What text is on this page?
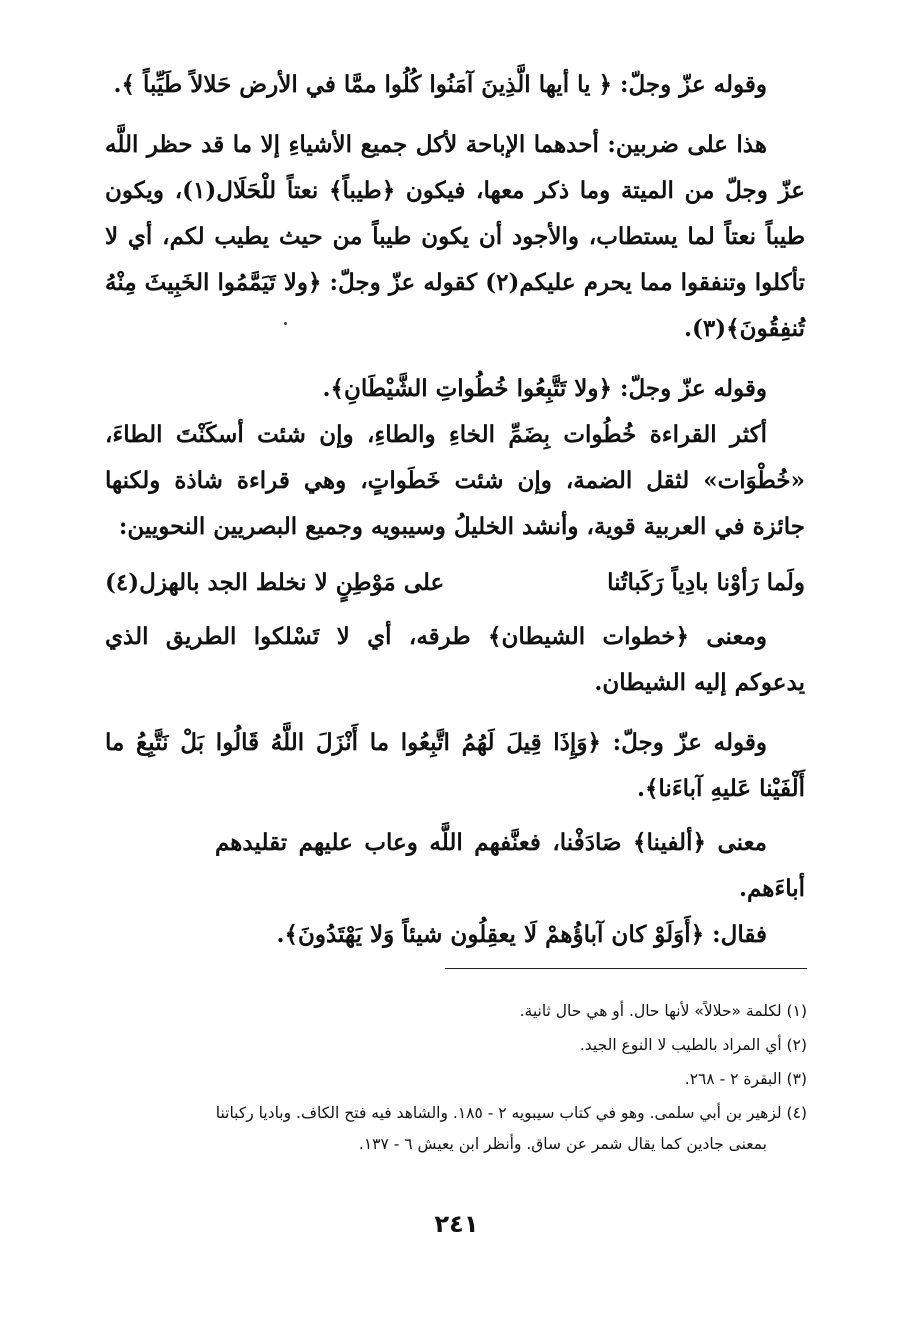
وقوله عزّ وجلّ: ﴿ يا أيها الَّذِينَ آمَنُوا كُلُوا ممَّا في الأرض حَلالاً طَيِّباً ﴾.

هذا على ضربين: أحدهما الإباحة لأكل جميع الأشياءِ إلا ما قد حظر اللَّه عزّ وجلّ من الميتة وما ذكر معها، فيكون ﴿طيباً﴾ نعتاً للْحَلَال(١)، ويكون طيباً نعتاً لما يستطاب، والأجود أن يكون طيباً من حيث يطيب لكم، أي لا تأكلوا وتنفقوا مما يحرم عليكم(٢) كقوله عزّ وجلّ: ﴿ولا تَيَمَّمُوا الخَبِيثَ مِنْهُ تُنفِقُونَ﴾(٣).

وقوله عزّ وجلّ: ﴿ولا تَتَّبِعُوا خُطُواتِ الشَّيْطَانِ﴾.

أكثر القراءة خُطُوات بِضَمِّ الخاءِ والطاءِ، وإن شئت أسكَنْتَ الطاءَ، «خُطْوَات» لثقل الضمة، وإن شئت خَطَواتٍ، وهي قراءة شاذة ولكنها جائزة في العربية قوية، وأنشد الخليلُ وسيبويه وجميع البصريين النحويين:

ولَما رَأوْنا بادِياً رَكَباتُنا
على مَوْطِنٍ لا نخلط الجد بالهزل(٤)

ومعنى ﴿خطوات الشيطان﴾ طرقه، أي لا تَسْلكوا الطريق الذي يدعوكم إليه الشيطان.

وقوله عزّ وجلّ: ﴿وَإِذَا قِيلَ لَهُمُ اتَّبِعُوا ما أَنْزَلَ اللَّهُ قَالُوا بَلْ نَتَّبِعُ ما أَلْفَيْنا عَليهِ آباءَنا﴾.

معنى ﴿ألفينا﴾ صَادَفْنا، فعنَّفهم اللَّه وعاب عليهم تقليدهم أباءَهم.

فقال: ﴿أَوَلَوْ كان آباؤُهمْ لَا يعقِلُون شيئاً وَلا يَهْتَدُونَ﴾.

(١) لكلمة «حلالاً» لأنها حال. أو هي حال ثانية.

(٢) أي المراد بالطيب لا النوع الجيد.

(٣) البقرة ٢ - ٢٦٨.

(٤) لزهير بن أبي سلمى. وهو في كتاب سيبويه ٢ - ١٨٥. والشاهد فيه فتح الكاف. وباديا ركباتنا

بمعنى جادين كما يقال شمر عن ساق. وأنظر ابن يعيش ٦ - ١٣٧.

٢٤١
